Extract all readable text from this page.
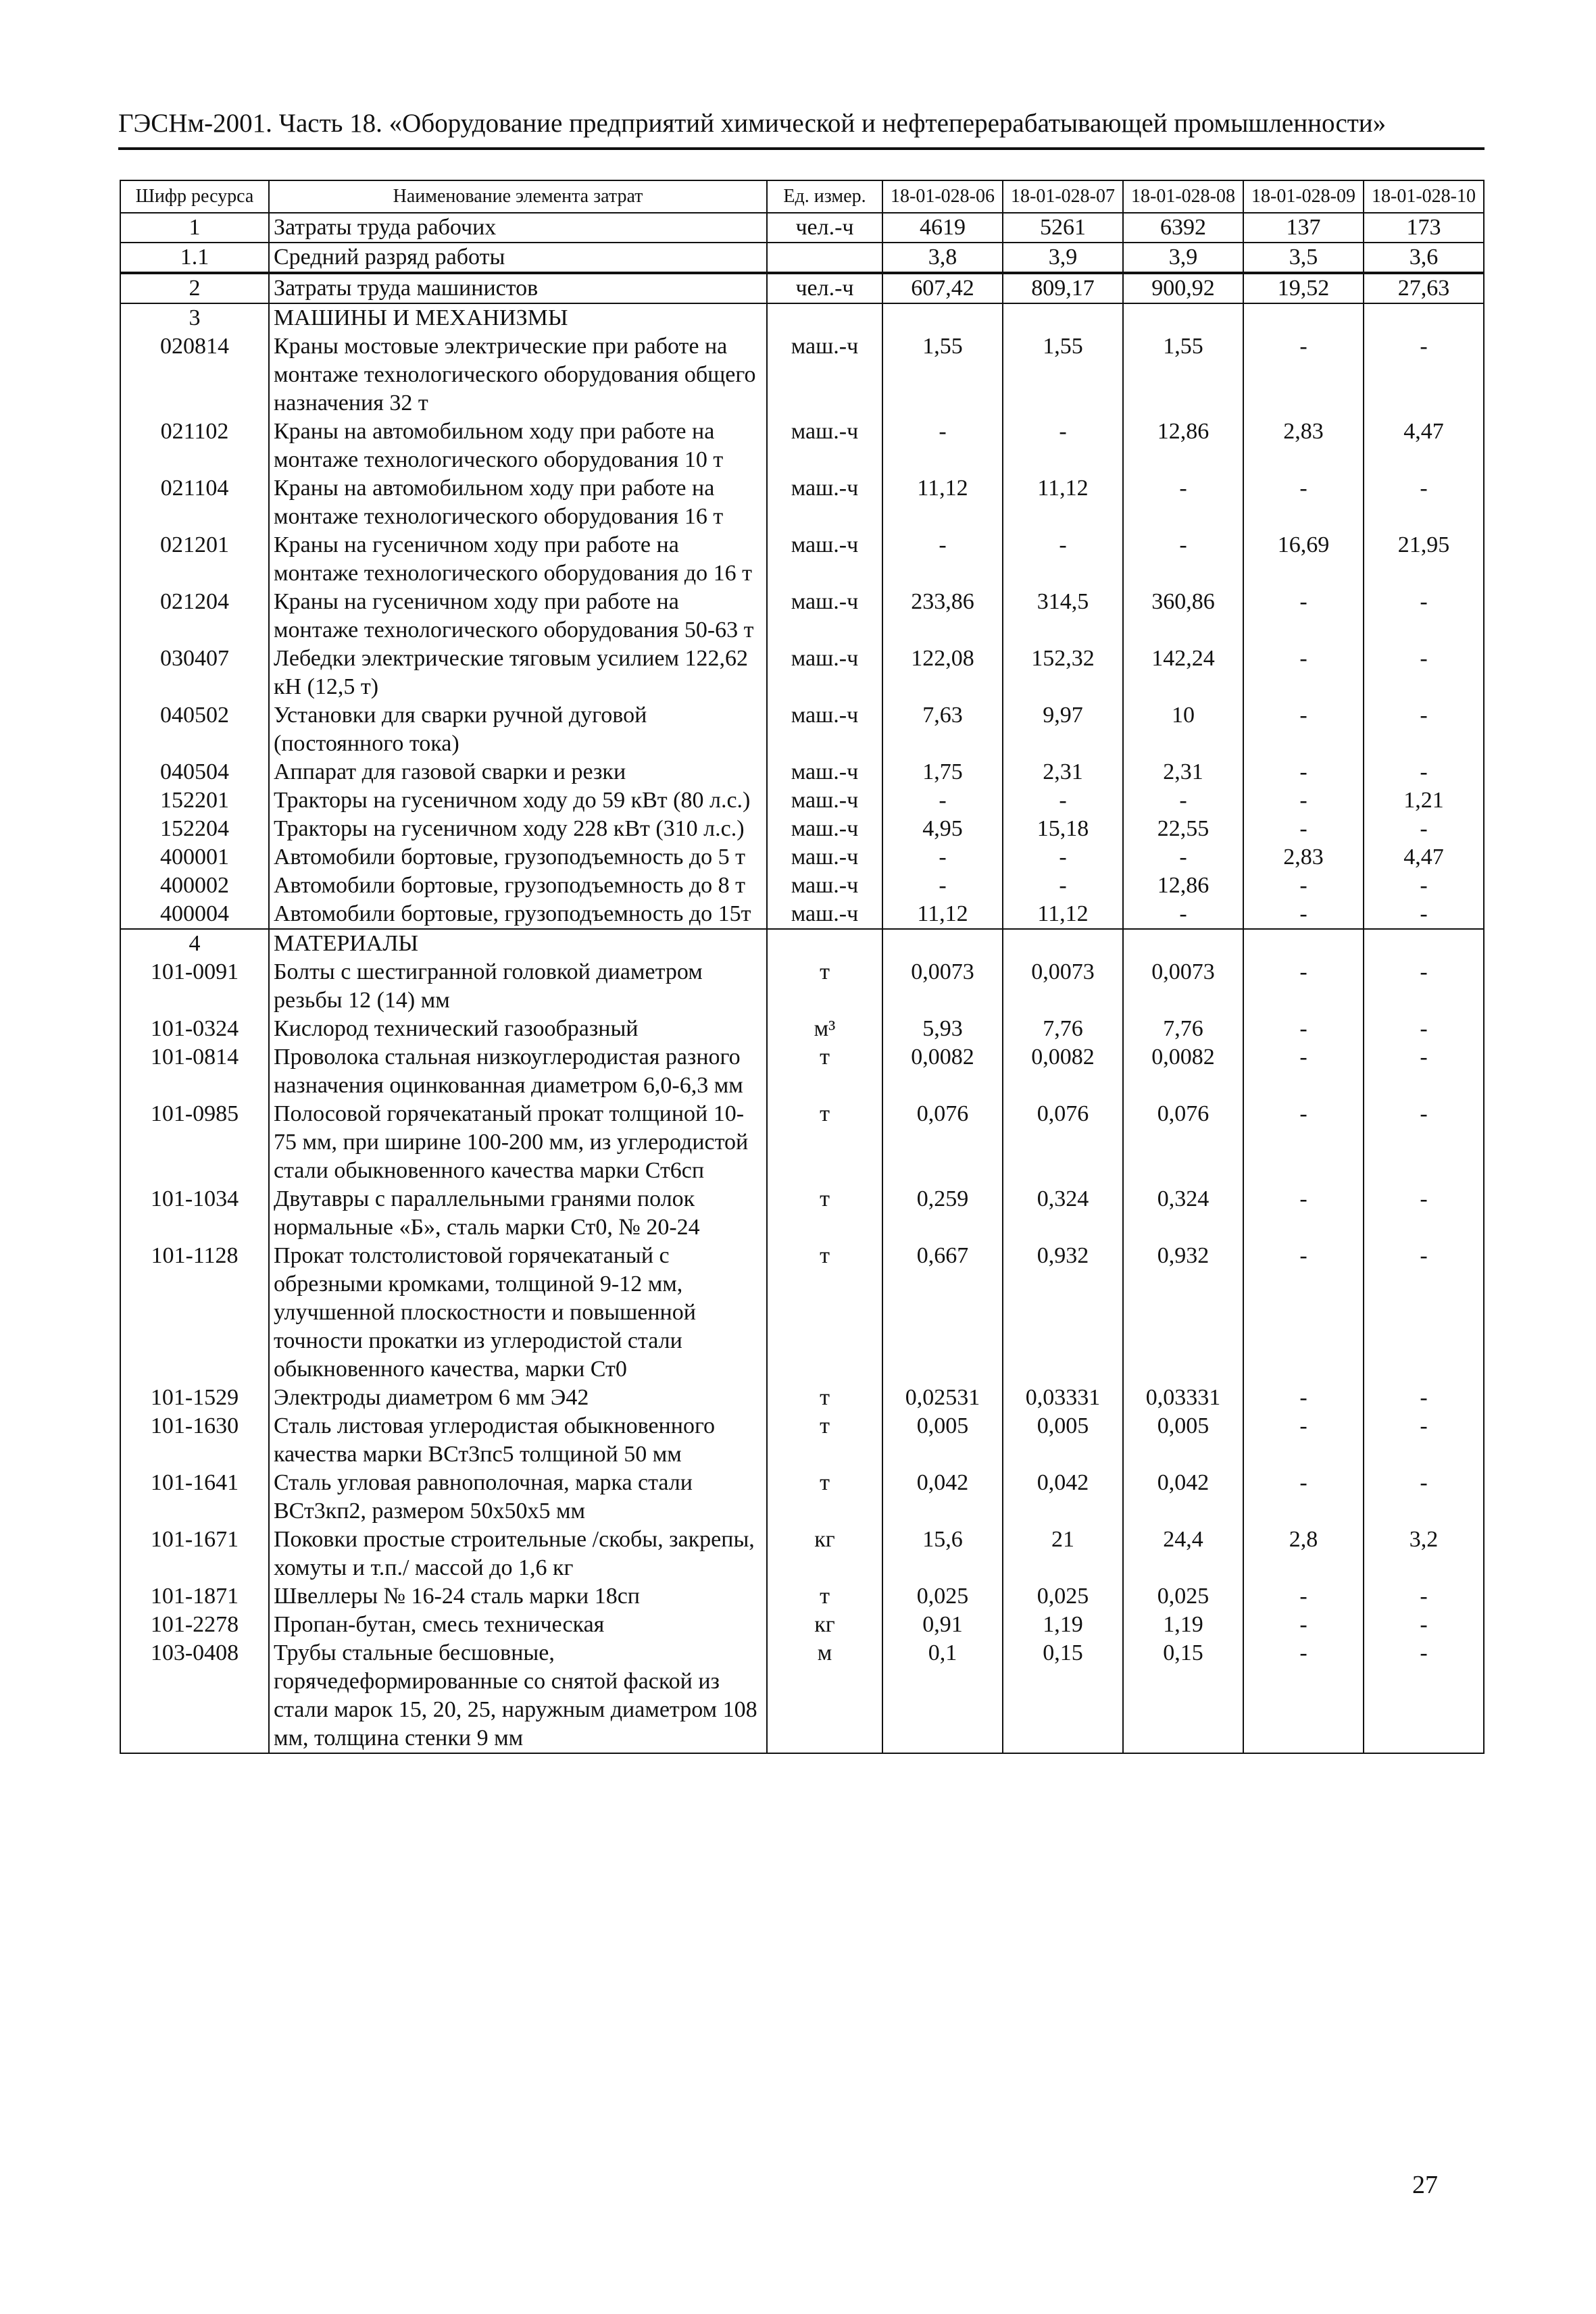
ГЭСНм-2001. Часть 18. «Оборудование предприятий химической и нефтеперерабатывающей промышленности»
Шифр ресурса	Наименование элемента затрат	Ед. измер.	18-01-028-06	18-01-028-07	18-01-028-08	18-01-028-09	18-01-028-10
1	Затраты труда рабочих	чел.-ч	4619	5261	6392	137	173
1.1	Средний разряд работы		3,8	3,9	3,9	3,5	3,6
2	Затраты труда машинистов	чел.-ч	607,42	809,17	900,92	19,52	27,63
3	МАШИНЫ И МЕХАНИЗМЫ						
020814	Краны мостовые электрические при работе на монтаже технологического оборудования общего назначения 32 т	маш.-ч	1,55	1,55	1,55	-	-
021102	Краны на автомобильном ходу при работе на монтаже технологического оборудования 10 т	маш.-ч	-	-	12,86	2,83	4,47
021104	Краны на автомобильном ходу при работе на монтаже технологического оборудования 16 т	маш.-ч	11,12	11,12	-	-	-
021201	Краны на гусеничном ходу при работе на монтаже технологического оборудования до 16 т	маш.-ч	-	-	-	16,69	21,95
021204	Краны на гусеничном ходу при работе на монтаже технологического оборудования 50-63 т	маш.-ч	233,86	314,5	360,86	-	-
030407	Лебедки электрические тяговым усилием 122,62 кН (12,5 т)	маш.-ч	122,08	152,32	142,24	-	-
040502	Установки для сварки ручной дуговой (постоянного тока)	маш.-ч	7,63	9,97	10	-	-
040504	Аппарат для газовой сварки и резки	маш.-ч	1,75	2,31	2,31	-	-
152201	Тракторы на гусеничном ходу до 59 кВт (80 л.с.)	маш.-ч	-	-	-	-	1,21
152204	Тракторы на гусеничном ходу 228 кВт (310 л.с.)	маш.-ч	4,95	15,18	22,55	-	-
400001	Автомобили бортовые, грузоподъемность до 5 т	маш.-ч	-	-	-	2,83	4,47
400002	Автомобили бортовые, грузоподъемность до 8 т	маш.-ч	-	-	12,86	-	-
400004	Автомобили бортовые, грузоподъемность до 15т	маш.-ч	11,12	11,12	-	-	-
4	МАТЕРИАЛЫ						
101-0091	Болты с шестигранной головкой диаметром резьбы 12 (14) мм	т	0,0073	0,0073	0,0073	-	-
101-0324	Кислород технический газообразный	м³	5,93	7,76	7,76	-	-
101-0814	Проволока стальная низкоуглеродистая разного назначения оцинкованная диаметром 6,0-6,3 мм	т	0,0082	0,0082	0,0082	-	-
101-0985	Полосовой горячекатаный прокат толщиной 10-75 мм, при ширине 100-200 мм, из углеродистой стали обыкновенного качества марки Ст6сп	т	0,076	0,076	0,076	-	-
101-1034	Двутавры с параллельными гранями полок нормальные «Б», сталь марки Ст0, № 20-24	т	0,259	0,324	0,324	-	-
101-1128	Прокат толстолистовой горячекатаный с обрезными кромками, толщиной 9-12 мм, улучшенной плоскостности и повышенной точности прокатки из углеродистой стали обыкновенного качества, марки Ст0	т	0,667	0,932	0,932	-	-
101-1529	Электроды диаметром 6 мм Э42	т	0,02531	0,03331	0,03331	-	-
101-1630	Сталь листовая углеродистая обыкновенного качества марки ВСт3пс5 толщиной 50 мм	т	0,005	0,005	0,005	-	-
101-1641	Сталь угловая равнополочная, марка стали ВСт3кп2, размером 50х50х5 мм	т	0,042	0,042	0,042	-	-
101-1671	Поковки простые строительные /скобы, закрепы, хомуты и т.п./ массой до 1,6 кг	кг	15,6	21	24,4	2,8	3,2
101-1871	Швеллеры № 16-24 сталь марки 18сп	т	0,025	0,025	0,025	-	-
101-2278	Пропан-бутан, смесь техническая	кг	0,91	1,19	1,19	-	-
103-0408	Трубы стальные бесшовные, горячедеформированные со снятой фаской из стали марок 15, 20, 25, наружным диаметром 108 мм, толщина стенки 9 мм	м	0,1	0,15	0,15	-	-
27
